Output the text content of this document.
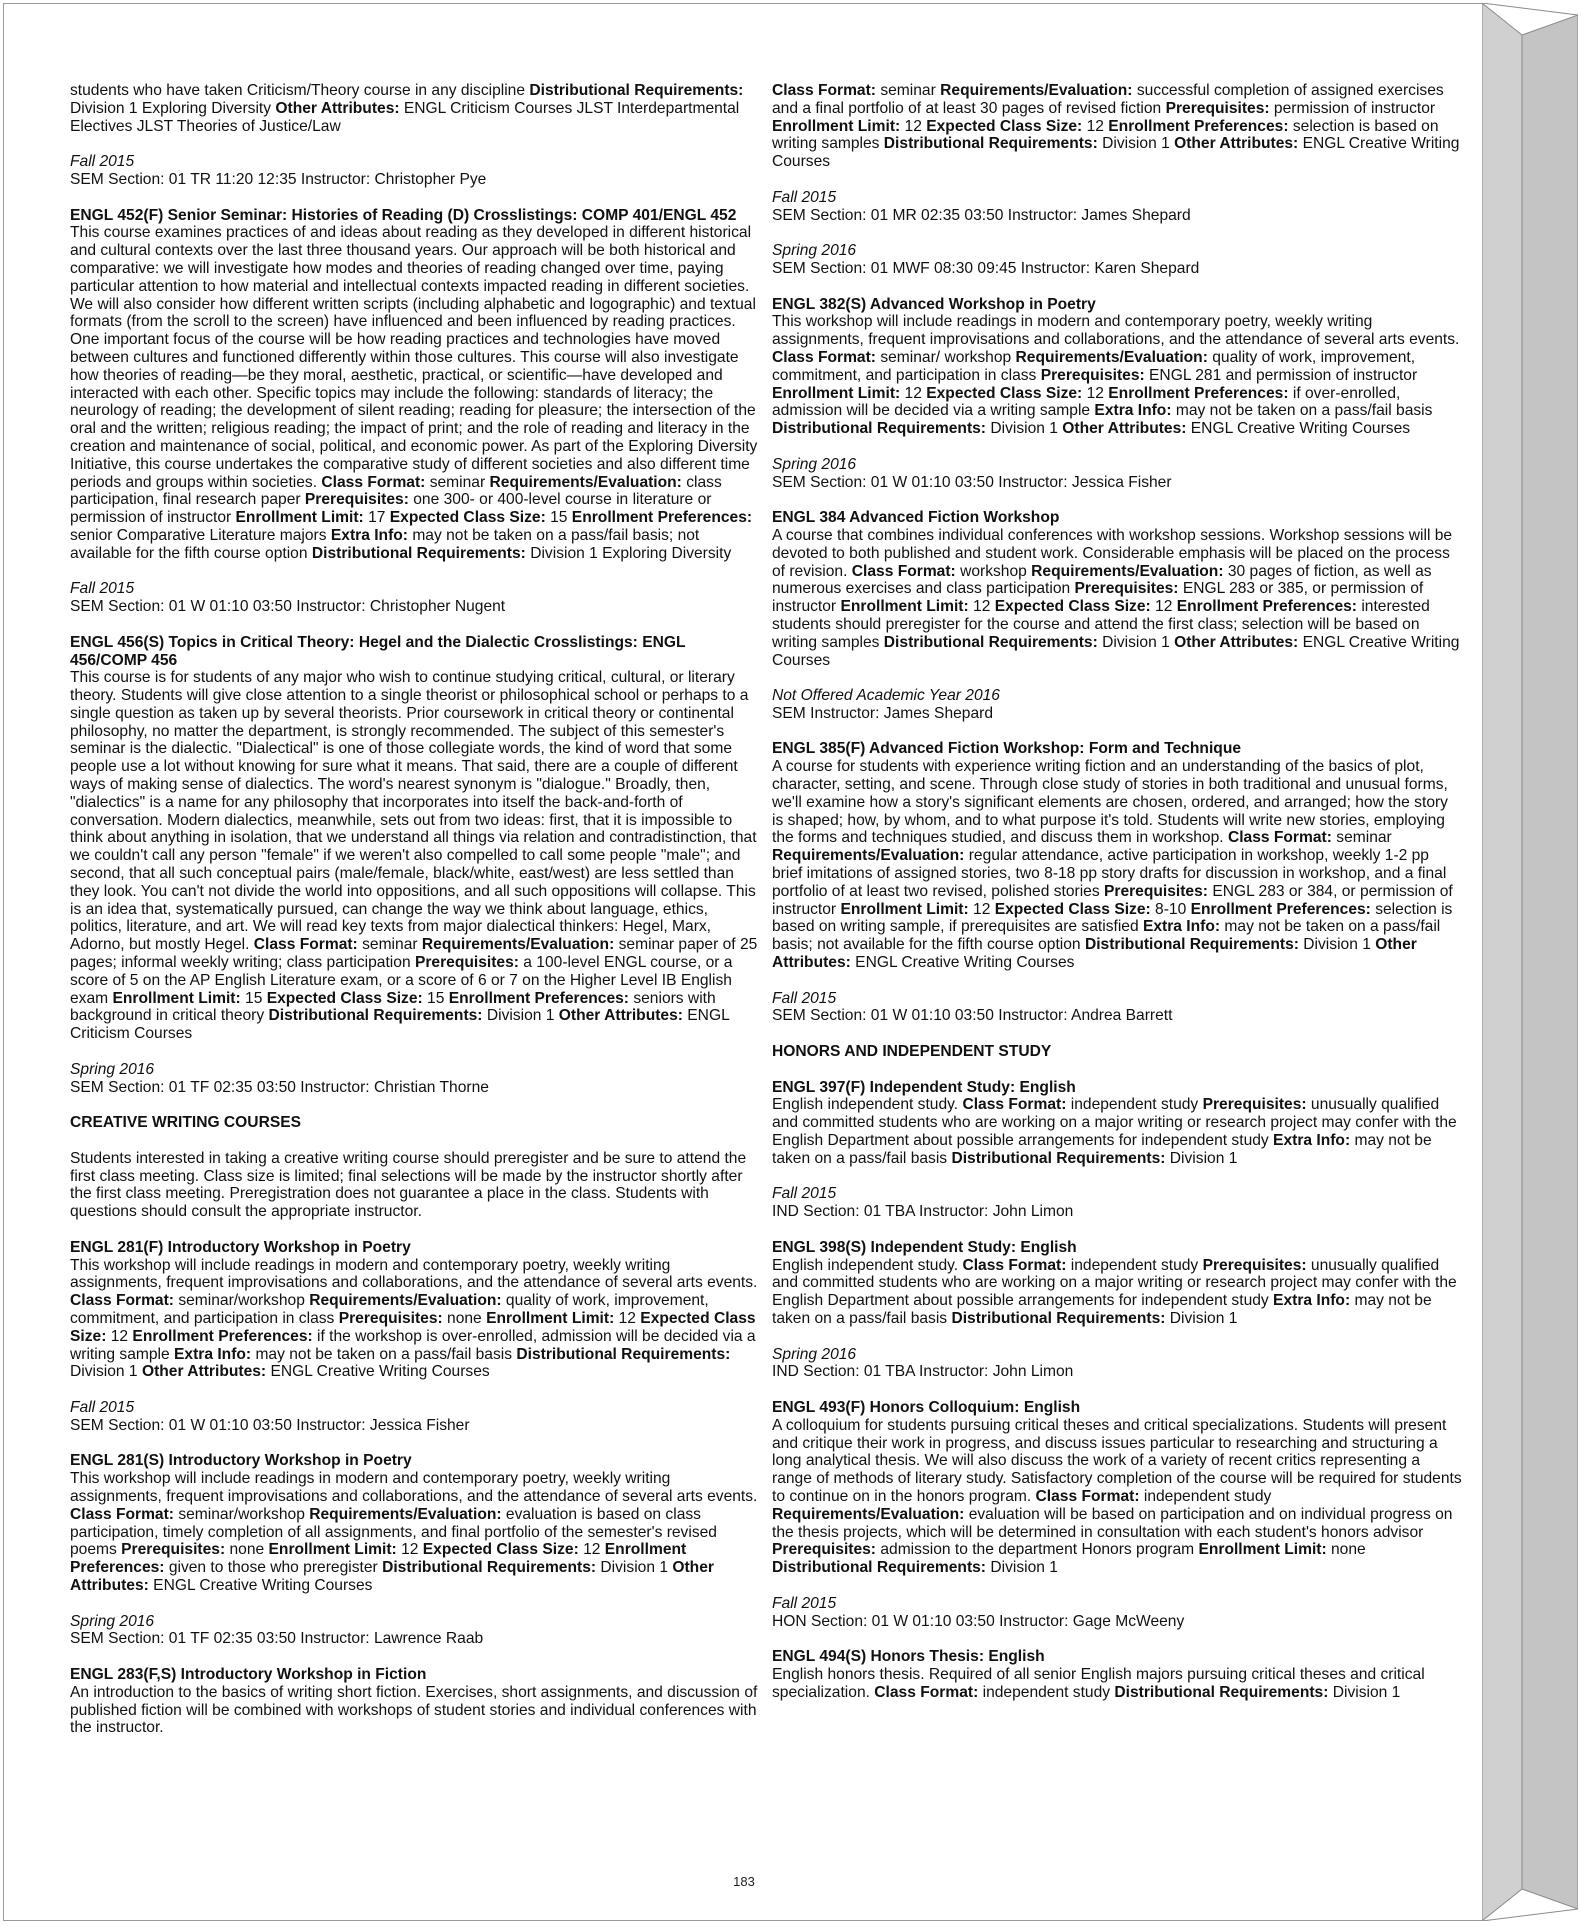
students who have taken Criticism/Theory course in any discipline Distributional Requirements: Division 1 Exploring Diversity Other Attributes: ENGL Criticism Courses JLST Interdepartmental Electives JLST Theories of Justice/Law
Fall 2015
SEM Section: 01 TR 11:20 12:35 Instructor: Christopher Pye
ENGL 452(F) Senior Seminar: Histories of Reading (D) Crosslistings: COMP 401/ENGL 452
This course examines practices of and ideas about reading as they developed in different historical and cultural contexts over the last three thousand years. Our approach will be both historical and comparative: we will investigate how modes and theories of reading changed over time, paying particular attention to how material and intellectual contexts impacted reading in different societies. We will also consider how different written scripts (including alphabetic and logographic) and textual formats (from the scroll to the screen) have influenced and been influenced by reading practices. One important focus of the course will be how reading practices and technologies have moved between cultures and functioned differently within those cultures. This course will also investigate how theories of reading—be they moral, aesthetic, practical, or scientific—have developed and interacted with each other. Specific topics may include the following: standards of literacy; the neurology of reading; the development of silent reading; reading for pleasure; the intersection of the oral and the written; religious reading; the impact of print; and the role of reading and literacy in the creation and maintenance of social, political, and economic power. As part of the Exploring Diversity Initiative, this course undertakes the comparative study of different societies and also different time periods and groups within societies. Class Format: seminar Requirements/Evaluation: class participation, final research paper Prerequisites: one 300- or 400-level course in literature or permission of instructor Enrollment Limit: 17 Expected Class Size: 15 Enrollment Preferences: senior Comparative Literature majors Extra Info: may not be taken on a pass/fail basis; not available for the fifth course option Distributional Requirements: Division 1 Exploring Diversity
Fall 2015
SEM Section: 01 W 01:10 03:50 Instructor: Christopher Nugent
ENGL 456(S) Topics in Critical Theory: Hegel and the Dialectic Crosslistings: ENGL 456/COMP 456
This course is for students of any major who wish to continue studying critical, cultural, or literary theory. Students will give close attention to a single theorist or philosophical school or perhaps to a single question as taken up by several theorists. Prior coursework in critical theory or continental philosophy, no matter the department, is strongly recommended. The subject of this semester's seminar is the dialectic. "Dialectical" is one of those collegiate words, the kind of word that some people use a lot without knowing for sure what it means. That said, there are a couple of different ways of making sense of dialectics. The word's nearest synonym is "dialogue." Broadly, then, "dialectics" is a name for any philosophy that incorporates into itself the back-and-forth of conversation. Modern dialectics, meanwhile, sets out from two ideas: first, that it is impossible to think about anything in isolation, that we understand all things via relation and contradistinction, that we couldn't call any person "female" if we weren't also compelled to call some people "male"; and second, that all such conceptual pairs (male/female, black/white, east/west) are less settled than they look. You can't not divide the world into oppositions, and all such oppositions will collapse. This is an idea that, systematically pursued, can change the way we think about language, ethics, politics, literature, and art. We will read key texts from major dialectical thinkers: Hegel, Marx, Adorno, but mostly Hegel. Class Format: seminar Requirements/Evaluation: seminar paper of 25 pages; informal weekly writing; class participation Prerequisites: a 100-level ENGL course, or a score of 5 on the AP English Literature exam, or a score of 6 or 7 on the Higher Level IB English exam Enrollment Limit: 15 Expected Class Size: 15 Enrollment Preferences: seniors with background in critical theory Distributional Requirements: Division 1 Other Attributes: ENGL Criticism Courses
Spring 2016
SEM Section: 01 TF 02:35 03:50 Instructor: Christian Thorne
CREATIVE WRITING COURSES
Students interested in taking a creative writing course should preregister and be sure to attend the first class meeting. Class size is limited; final selections will be made by the instructor shortly after the first class meeting. Preregistration does not guarantee a place in the class. Students with questions should consult the appropriate instructor.
ENGL 281(F) Introductory Workshop in Poetry
This workshop will include readings in modern and contemporary poetry, weekly writing assignments, frequent improvisations and collaborations, and the attendance of several arts events. Class Format: seminar/workshop Requirements/Evaluation: quality of work, improvement, commitment, and participation in class Prerequisites: none Enrollment Limit: 12 Expected Class Size: 12 Enrollment Preferences: if the workshop is over-enrolled, admission will be decided via a writing sample Extra Info: may not be taken on a pass/fail basis Distributional Requirements: Division 1 Other Attributes: ENGL Creative Writing Courses
Fall 2015
SEM Section: 01 W 01:10 03:50 Instructor: Jessica Fisher
ENGL 281(S) Introductory Workshop in Poetry
This workshop will include readings in modern and contemporary poetry, weekly writing assignments, frequent improvisations and collaborations, and the attendance of several arts events. Class Format: seminar/workshop Requirements/Evaluation: evaluation is based on class participation, timely completion of all assignments, and final portfolio of the semester's revised poems Prerequisites: none Enrollment Limit: 12 Expected Class Size: 12 Enrollment Preferences: given to those who preregister Distributional Requirements: Division 1 Other Attributes: ENGL Creative Writing Courses
Spring 2016
SEM Section: 01 TF 02:35 03:50 Instructor: Lawrence Raab
ENGL 283(F,S) Introductory Workshop in Fiction
An introduction to the basics of writing short fiction. Exercises, short assignments, and discussion of published fiction will be combined with workshops of student stories and individual conferences with the instructor.
Class Format: seminar Requirements/Evaluation: successful completion of assigned exercises and a final portfolio of at least 30 pages of revised fiction Prerequisites: permission of instructor Enrollment Limit: 12 Expected Class Size: 12 Enrollment Preferences: selection is based on writing samples Distributional Requirements: Division 1 Other Attributes: ENGL Creative Writing Courses
Fall 2015
SEM Section: 01 MR 02:35 03:50 Instructor: James Shepard
Spring 2016
SEM Section: 01 MWF 08:30 09:45 Instructor: Karen Shepard
ENGL 382(S) Advanced Workshop in Poetry
This workshop will include readings in modern and contemporary poetry, weekly writing assignments, frequent improvisations and collaborations, and the attendance of several arts events. Class Format: seminar/ workshop Requirements/Evaluation: quality of work, improvement, commitment, and participation in class Prerequisites: ENGL 281 and permission of instructor Enrollment Limit: 12 Expected Class Size: 12 Enrollment Preferences: if over-enrolled, admission will be decided via a writing sample Extra Info: may not be taken on a pass/fail basis Distributional Requirements: Division 1 Other Attributes: ENGL Creative Writing Courses
Spring 2016
SEM Section: 01 W 01:10 03:50 Instructor: Jessica Fisher
ENGL 384 Advanced Fiction Workshop
A course that combines individual conferences with workshop sessions. Workshop sessions will be devoted to both published and student work. Considerable emphasis will be placed on the process of revision. Class Format: workshop Requirements/Evaluation: 30 pages of fiction, as well as numerous exercises and class participation Prerequisites: ENGL 283 or 385, or permission of instructor Enrollment Limit: 12 Expected Class Size: 12 Enrollment Preferences: interested students should preregister for the course and attend the first class; selection will be based on writing samples Distributional Requirements: Division 1 Other Attributes: ENGL Creative Writing Courses
Not Offered Academic Year 2016
SEM Instructor: James Shepard
ENGL 385(F) Advanced Fiction Workshop: Form and Technique
A course for students with experience writing fiction and an understanding of the basics of plot, character, setting, and scene. Through close study of stories in both traditional and unusual forms, we'll examine how a story's significant elements are chosen, ordered, and arranged; how the story is shaped; how, by whom, and to what purpose it's told. Students will write new stories, employing the forms and techniques studied, and discuss them in workshop. Class Format: seminar Requirements/Evaluation: regular attendance, active participation in workshop, weekly 1-2 pp brief imitations of assigned stories, two 8-18 pp story drafts for discussion in workshop, and a final portfolio of at least two revised, polished stories Prerequisites: ENGL 283 or 384, or permission of instructor Enrollment Limit: 12 Expected Class Size: 8-10 Enrollment Preferences: selection is based on writing sample, if prerequisites are satisfied Extra Info: may not be taken on a pass/fail basis; not available for the fifth course option Distributional Requirements: Division 1 Other Attributes: ENGL Creative Writing Courses
Fall 2015
SEM Section: 01 W 01:10 03:50 Instructor: Andrea Barrett
HONORS AND INDEPENDENT STUDY
ENGL 397(F) Independent Study: English
English independent study. Class Format: independent study Prerequisites: unusually qualified and committed students who are working on a major writing or research project may confer with the English Department about possible arrangements for independent study Extra Info: may not be taken on a pass/fail basis Distributional Requirements: Division 1
Fall 2015
IND Section: 01 TBA Instructor: John Limon
ENGL 398(S) Independent Study: English
English independent study. Class Format: independent study Prerequisites: unusually qualified and committed students who are working on a major writing or research project may confer with the English Department about possible arrangements for independent study Extra Info: may not be taken on a pass/fail basis Distributional Requirements: Division 1
Spring 2016
IND Section: 01 TBA Instructor: John Limon
ENGL 493(F) Honors Colloquium: English
A colloquium for students pursuing critical theses and critical specializations. Students will present and critique their work in progress, and discuss issues particular to researching and structuring a long analytical thesis. We will also discuss the work of a variety of recent critics representing a range of methods of literary study. Satisfactory completion of the course will be required for students to continue on in the honors program. Class Format: independent study Requirements/Evaluation: evaluation will be based on participation and on individual progress on the thesis projects, which will be determined in consultation with each student's honors advisor Prerequisites: admission to the department Honors program Enrollment Limit: none Distributional Requirements: Division 1
Fall 2015
HON Section: 01 W 01:10 03:50 Instructor: Gage McWeeny
ENGL 494(S) Honors Thesis: English
English honors thesis. Required of all senior English majors pursuing critical theses and critical specialization. Class Format: independent study Distributional Requirements: Division 1
183
